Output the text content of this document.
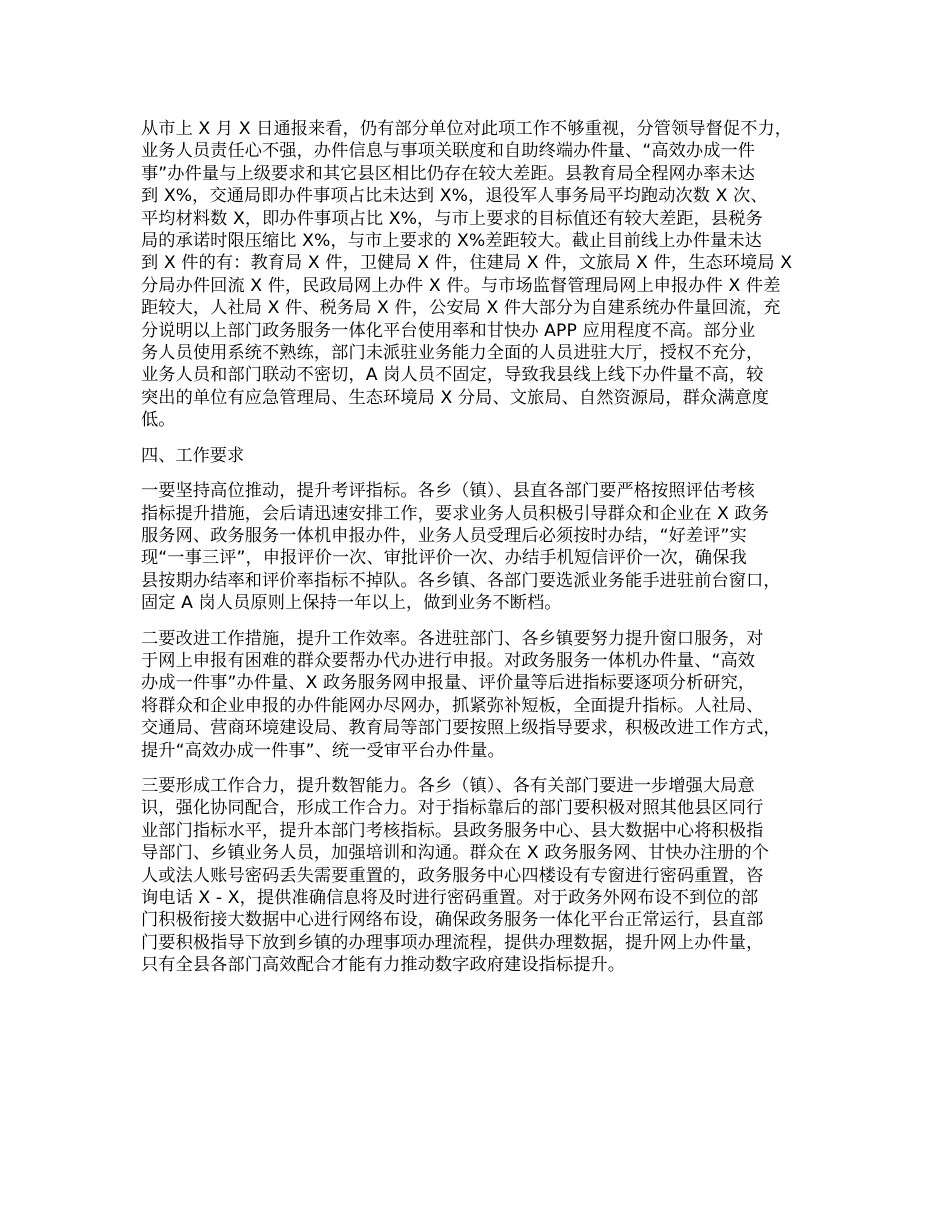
从市上 X 月 X 日通报来看，仍有部分单位对此项工作不够重视，分管领导督促不力，
业务人员责任心不强，办件信息与事项关联度和自助终端办件量、“高效办成一件
事”办件量与上级要求和其它县区相比仍存在较大差距。县教育局全程网办率未达
到 X%，交通局即办件事项占比未达到 X%，退役军人事务局平均跑动次数 X 次、
平均材料数 X，即办件事项占比 X%，与市上要求的目标值还有较大差距，县税务
局的承诺时限压缩比 X%，与市上要求的 X%差距较大。截止目前线上办件量未达
到 X 件的有：教育局 X 件，卫健局 X 件，住建局 X 件，文旅局 X 件，生态环境局 X
分局办件回流 X 件，民政局网上办件 X 件。与市场监督管理局网上申报办件 X 件差
距较大，人社局 X 件、税务局 X 件，公安局 X 件大部分为自建系统办件量回流，充
分说明以上部门政务服务一体化平台使用率和甘快办 APP 应用程度不高。部分业
务人员使用系统不熟练，部门未派驻业务能力全面的人员进驻大厅，授权不充分，
业务人员和部门联动不密切，A 岗人员不固定，导致我县线上线下办件量不高，较
突出的单位有应急管理局、生态环境局 X 分局、文旅局、自然资源局，群众满意度
低。
四、工作要求
一要坚持高位推动，提升考评指标。各乡（镇）、县直各部门要严格按照评估考核
指标提升措施，会后请迅速安排工作，要求业务人员积极引导群众和企业在 X 政务
服务网、政务服务一体机申报办件，业务人员受理后必须按时办结，“好差评”实
现“一事三评”，申报评价一次、审批评价一次、办结手机短信评价一次，确保我
县按期办结率和评价率指标不掉队。各乡镇、各部门要选派业务能手进驻前台窗口，
固定 A 岗人员原则上保持一年以上，做到业务不断档。
二要改进工作措施，提升工作效率。各进驻部门、各乡镇要努力提升窗口服务，对
于网上申报有困难的群众要帮办代办进行申报。对政务服务一体机办件量、“高效
办成一件事”办件量、X 政务服务网申报量、评价量等后进指标要逐项分析研究，
将群众和企业申报的办件能网办尽网办，抓紧弥补短板，全面提升指标。人社局、
交通局、营商环境建设局、教育局等部门要按照上级指导要求，积极改进工作方式，
提升“高效办成一件事”、统一受审平台办件量。
三要形成工作合力，提升数智能力。各乡（镇）、各有关部门要进一步增强大局意
识，强化协同配合，形成工作合力。对于指标靠后的部门要积极对照其他县区同行
业部门指标水平，提升本部门考核指标。县政务服务中心、县大数据中心将积极指
导部门、乡镇业务人员，加强培训和沟通。群众在 X 政务服务网、甘快办注册的个
人或法人账号密码丢失需要重置的，政务服务中心四楼设有专窗进行密码重置，咨
询电话 X - X，提供准确信息将及时进行密码重置。对于政务外网布设不到位的部
门积极衔接大数据中心进行网络布设，确保政务服务一体化平台正常运行，县直部
门要积极指导下放到乡镇的办理事项办理流程，提供办理数据，提升网上办件量，
只有全县各部门高效配合才能有力推动数字政府建设指标提升。
